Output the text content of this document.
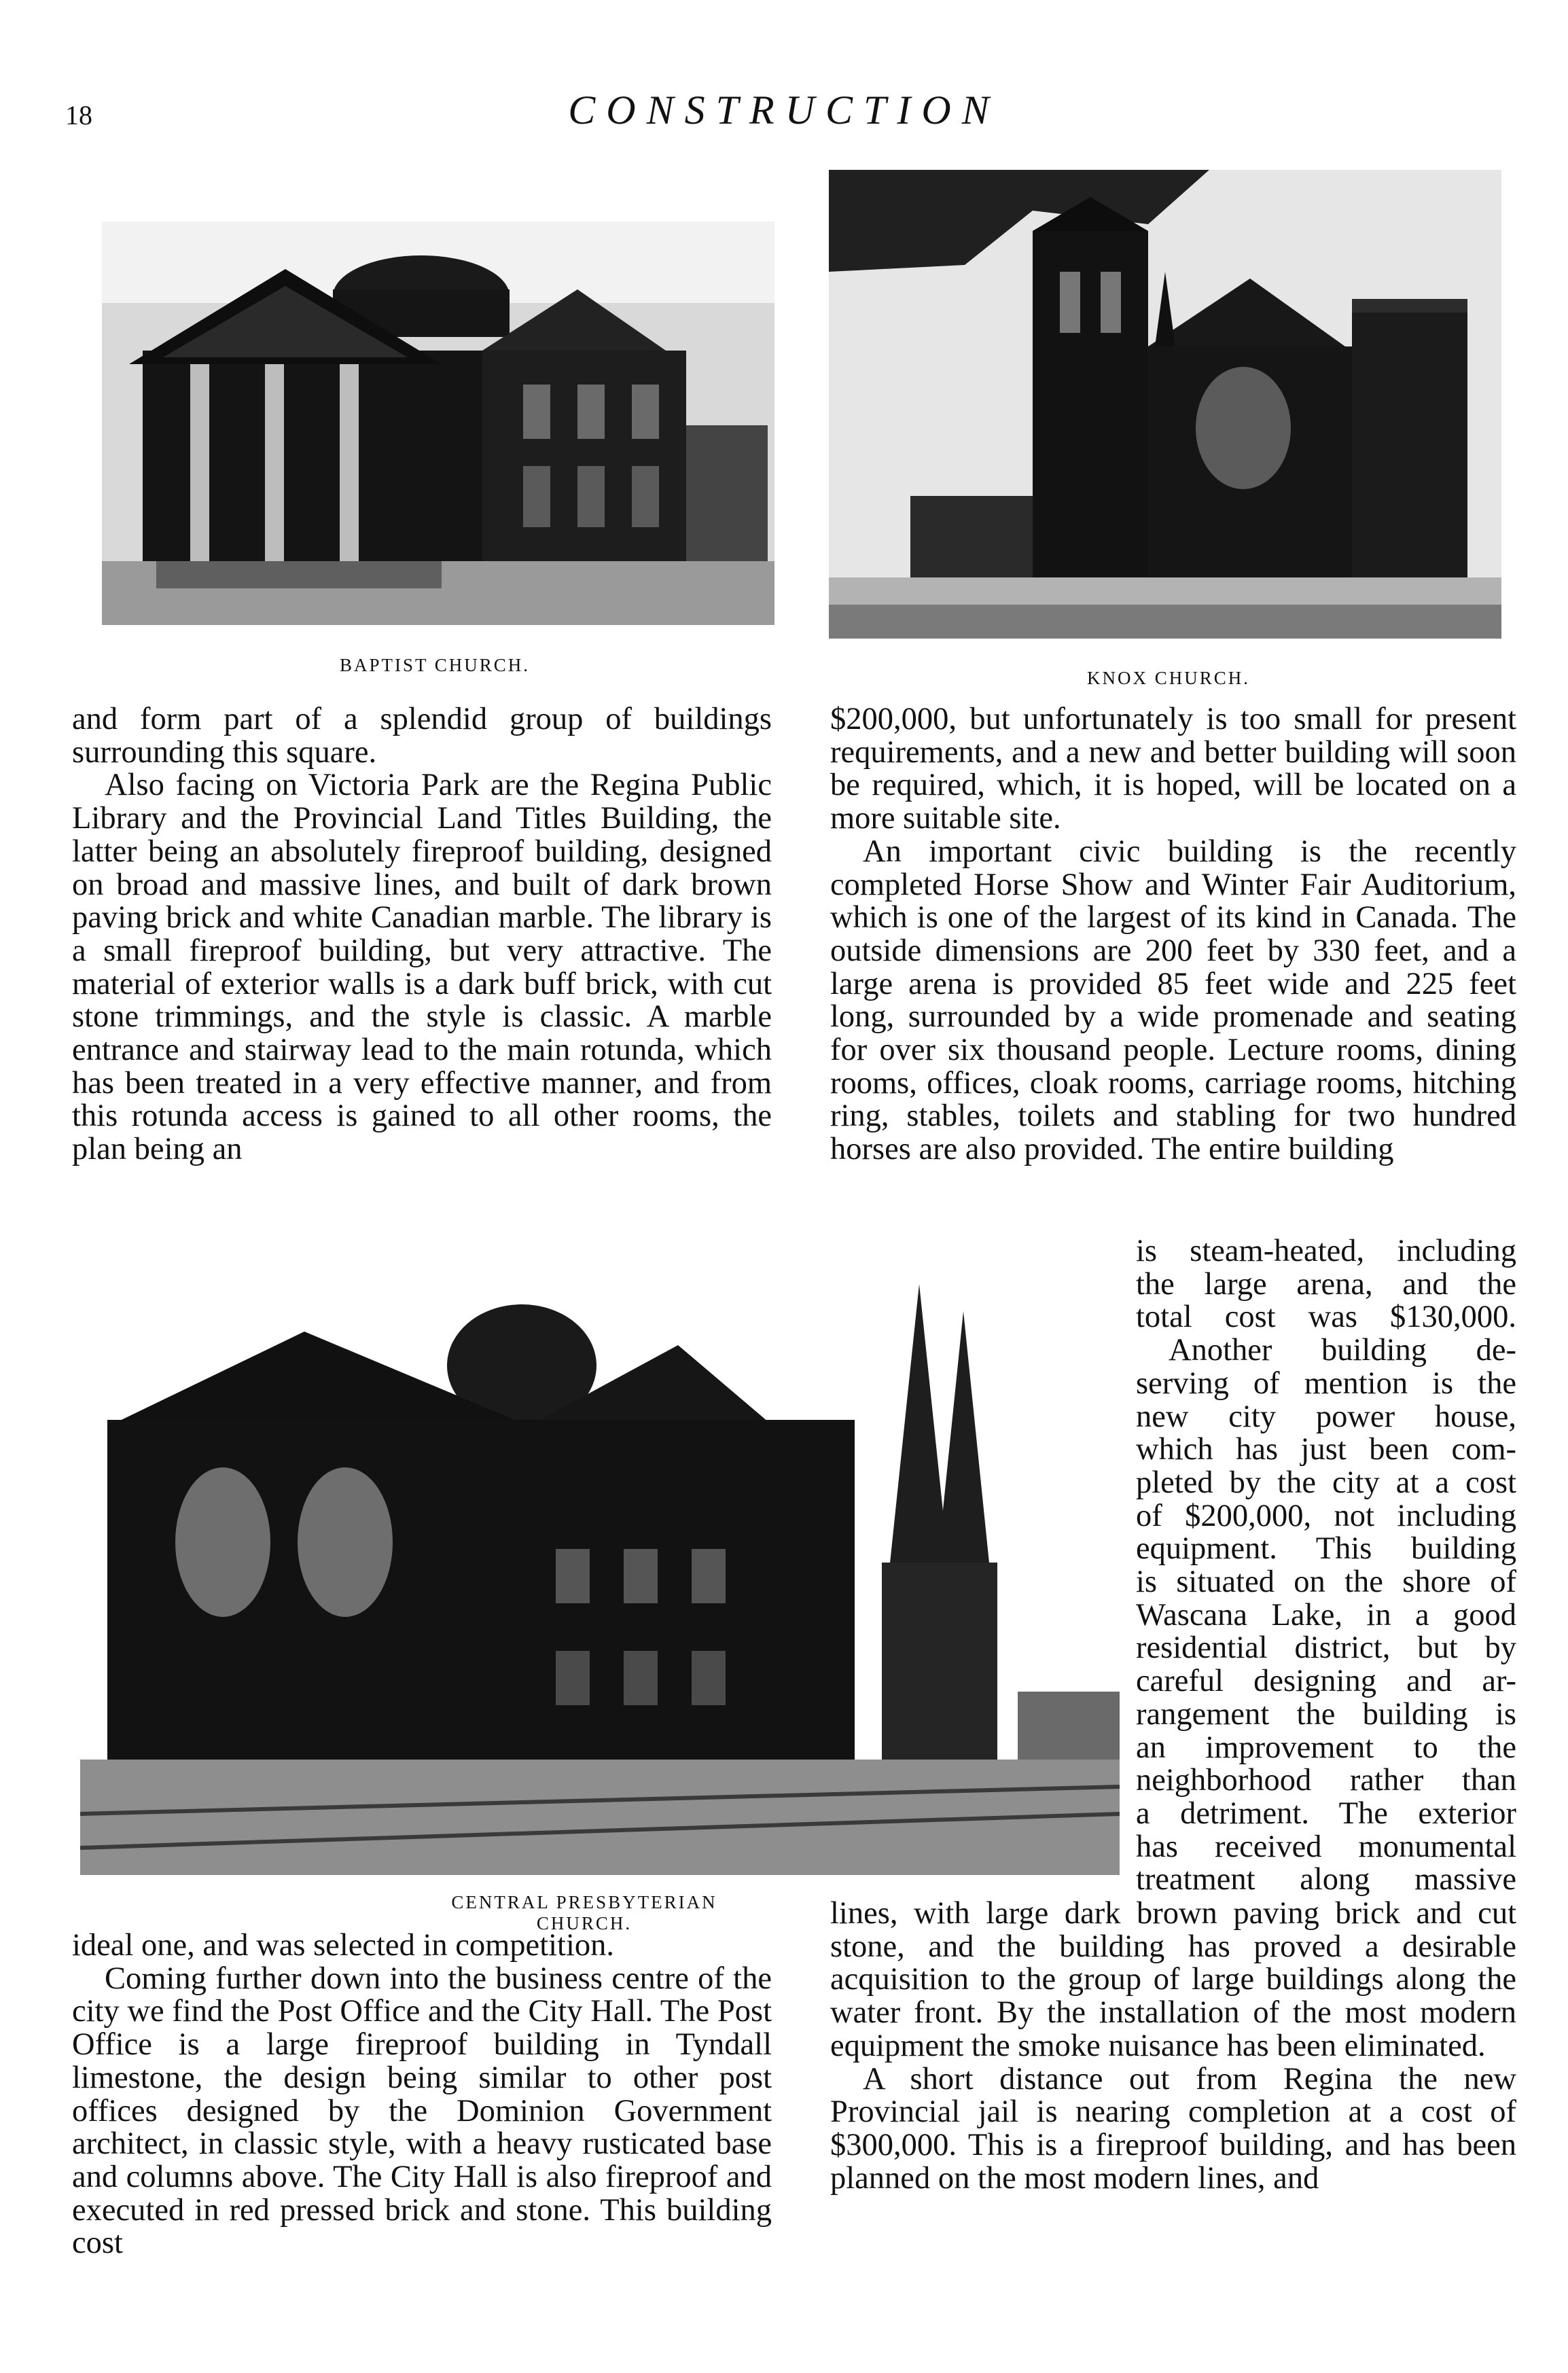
18	CONSTRUCTION
BAPTIST CHURCH.
KNOX CHURCH.

and form part of a splendid group of buildings surrounding this square.

Also facing on Victoria Park are the Regina Public Library and the Provincial Land Titles Building, the latter being an absolutely fireproof building, designed on broad and massive lines, and built of dark brown paving brick and white Canadian marble. The library is a small fireproof building, but very attractive. The material of exterior walls is a dark buff brick, with cut stone trimmings, and the style is classic. A marble entrance and stairway lead to the main rotunda, which has been treated in a very effective manner, and from this rotunda access is gained to all other rooms, the plan being an

$200,000, but unfortunately is too small for present requirements, and a new and better building will soon be required, which, it is hoped, will be located on a more suitable site.

An important civic building is the recently completed Horse Show and Winter Fair Auditorium, which is one of the largest of its kind in Canada. The outside dimensions are 200 feet by 330 feet, and a large arena is provided 85 feet wide and 225 feet long, surrounded by a wide promenade and seating for over six thousand people. Lecture rooms, dining rooms, offices, cloak rooms, carriage rooms, hitching ring, stables, toilets and stabling for two hundred horses are also provided. The entire building

CENTRAL PRESBYTERIAN CHURCH.
is steam-heated, including
the large arena, and the
total cost was $130,000.
Another building de-
serving of mention is the
new city power house,
which has just been com-
pleted by the city at a cost
of $200,000, not including
equipment. This building
is situated on the shore of
Wascana Lake, in a good
residential district, but by
careful designing and ar-
rangement the building is
an improvement to the
neighborhood rather than
a detriment. The exterior
has received monumental
treatment along massive

ideal one, and was selected in competition.

Coming further down into the business centre of the city we find the Post Office and the City Hall. The Post Office is a large fireproof building in Tyndall limestone, the design being similar to other post offices designed by the Dominion Government architect, in classic style, with a heavy rusticated base and columns above. The City Hall is also fireproof and executed in red pressed brick and stone. This building cost

lines, with large dark brown paving brick and cut stone, and the building has proved a desirable acquisition to the group of large buildings along the water front. By the installation of the most modern equipment the smoke nuisance has been eliminated.

A short distance out from Regina the new Provincial jail is nearing completion at a cost of $300,000. This is a fireproof building, and has been planned on the most modern lines, and
